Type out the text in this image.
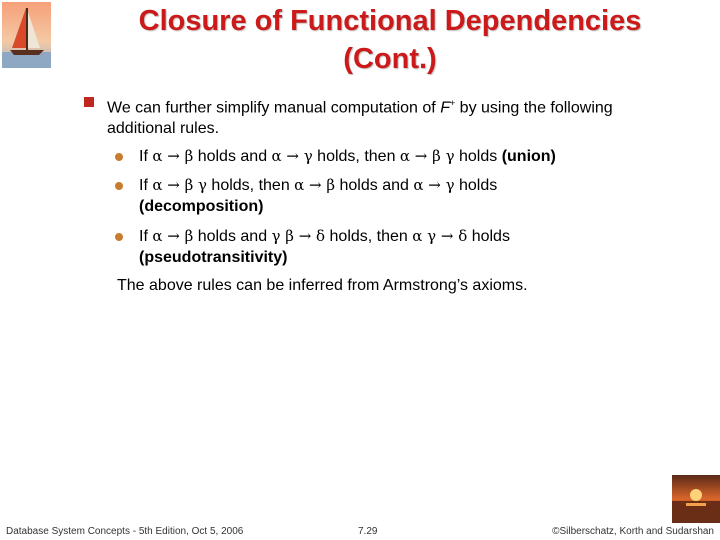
Closure of Functional Dependencies
(Cont.)
We can further simplify manual computation of F+ by using the following additional rules.
If α → β holds and α → γ holds, then α → β γ holds (union)
If α → β γ holds, then α → β holds and α → γ holds
(decomposition)
If α → β holds and γ β → δ holds, then α γ → δ holds
(pseudotransitivity)
The above rules can be inferred from Armstrong’s axioms.
Database System Concepts - 5th Edition, Oct 5, 2006	7.29	©Silberschatz, Korth and Sudarshan
